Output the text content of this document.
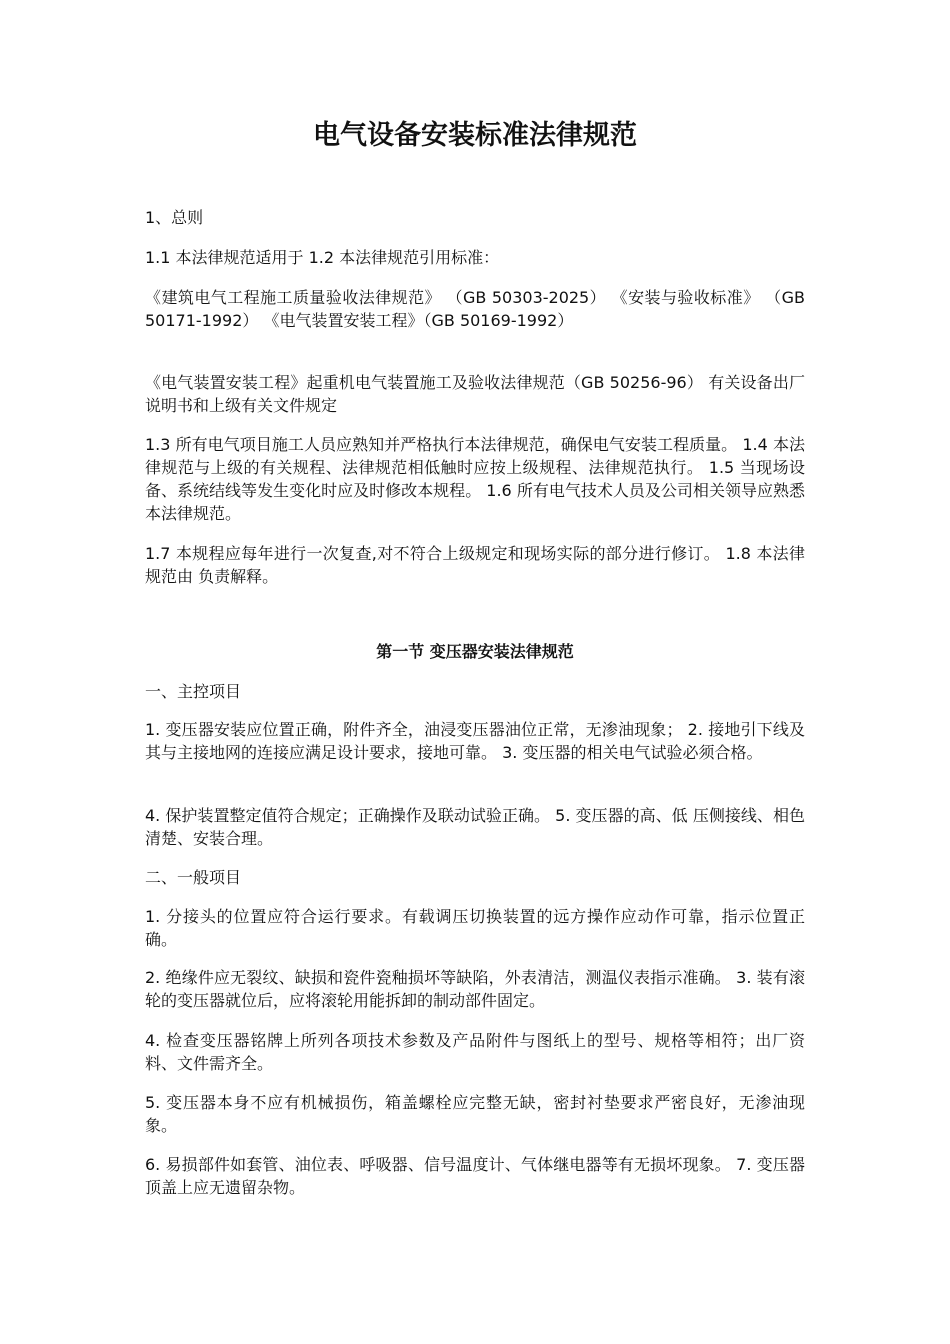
电气设备安装标准法律规范

1、总则

1.1 本法律规范适用于 1.2 本法律规范引用标准：

《建筑电气工程施工质量验收法律规范》 （GB 50303-2025） 《安装与验收标准》 （GB 50171-1992） 《电气装置安装工程》（GB 50169-1992）

《电气装置安装工程》起重机电气装置施工及验收法律规范（GB 50256-96） 有关设备出厂说明书和上级有关文件规定

1.3 所有电气项目施工人员应熟知并严格执行本法律规范，确保电气安装工程质量。 1.4 本法律规范与上级的有关规程、法律规范相低触时应按上级规程、法律规范执行。 1.5 当现场设备、系统结线等发生变化时应及时修改本规程。 1.6 所有电气技术人员及公司相关领导应熟悉本法律规范。

1.7 本规程应每年进行一次复查,对不符合上级规定和现场实际的部分进行修订。 1.8 本法律规范由 负责解释。

第一节 变压器安装法律规范

一、主控项目

1. 变压器安装应位置正确，附件齐全，油浸变压器油位正常，无渗油现象； 2. 接地引下线及其与主接地网的连接应满足设计要求，接地可靠。 3. 变压器的相关电气试验必须合格。

4. 保护装置整定值符合规定；正确操作及联动试验正确。 5. 变压器的高、低 压侧接线、相色清楚、安装合理。

二、一般项目

1. 分接头的位置应符合运行要求。有载调压切换装置的远方操作应动作可靠，指示位置正确。

2. 绝缘件应无裂纹、缺损和瓷件瓷釉损坏等缺陷，外表清洁，测温仪表指示准确。 3. 装有滚轮的变压器就位后，应将滚轮用能拆卸的制动部件固定。

4. 检查变压器铭牌上所列各项技术参数及产品附件与图纸上的型号、规格等相符；出厂资料、文件需齐全。

5. 变压器本身不应有机械损伤，箱盖螺栓应完整无缺，密封衬垫要求严密良好，无渗油现象。

6. 易损部件如套管、油位表、呼吸器、信号温度计、气体继电器等有无损坏现象。 7. 变压器顶盖上应无遗留杂物。
